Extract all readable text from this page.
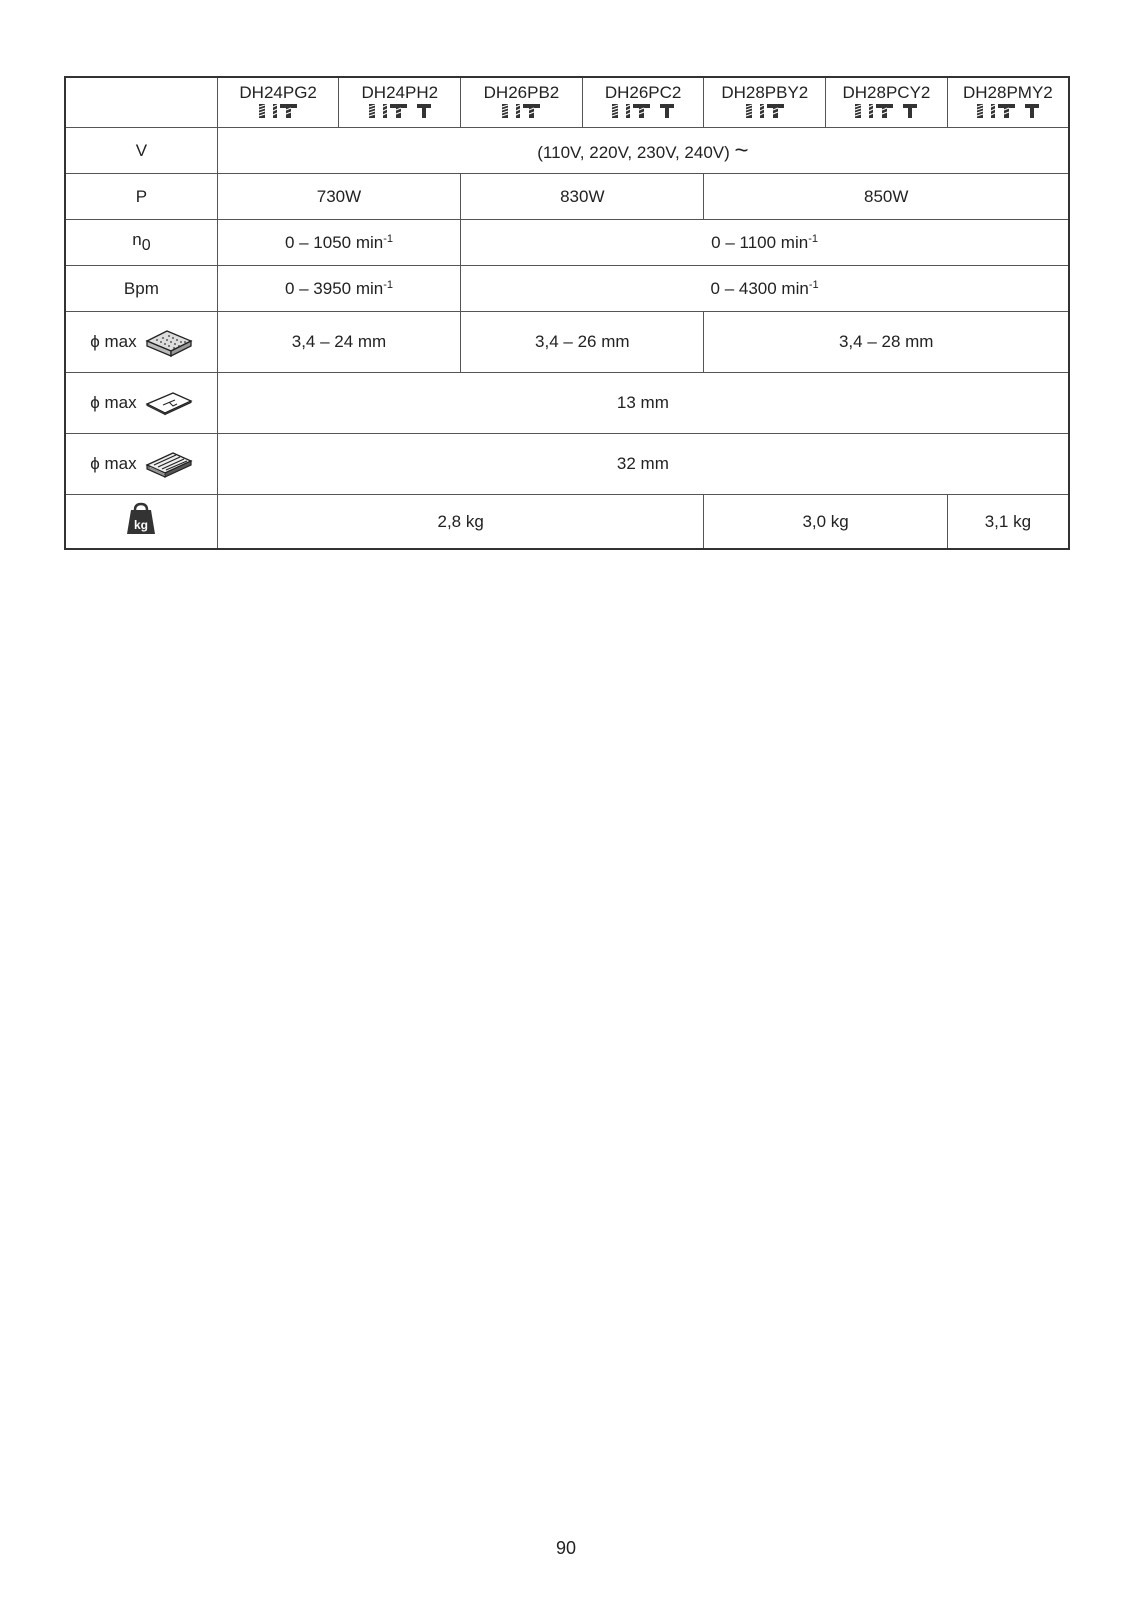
	DH24PG2	DH24PH2	DH26PB2	DH26PC2	DH28PBY2	DH28PCY2	DH28PMY2

V	(110V, 220V, 230V, 240V) ~						
P	730W		830W		850W		
$n_0$	0 – 1050 $\min^{-1}$		0 – 1100 $\min^{-1}$
Bpm	0 – 3950 $\min^{-1}$		0 – 4300 $\min^{-1}$

ϕ max	3,4 – 24 mm		3,4 – 26 mm		3,4 – 28 mm		

ϕ max	13 mm						

ϕ max	32 mm						

kg	2,8 kg				3,0 kg		3,1 kg
90
